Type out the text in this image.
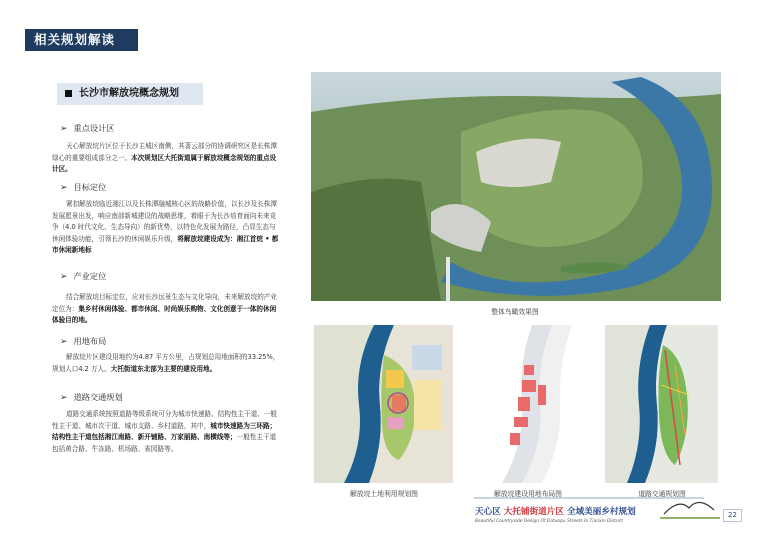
相关规划解读
长沙市解放垸概念规划
➢ 重点设计区
天心解放垸片区位于长沙主城区南侧，其著云部分的协调研究区是长株潭绿心的重要组成部分之一。本次规划区大托街道属于解放垸概念规划的重点设计区。
➢ 目标定位
紧扣解放垸临近湘江以及长株潭融城核心区的战略价值，以长沙及长株潭发展愿景出发，响应南部新城建设的战略思维，着眼于为长沙培育面向未来竞争（4.0 时代文化、生态导向）的新优势，以特色化发展为路径，凸显生态与休闲体验功能，引领长沙的休闲娱乐升级，将解放垸建设成为：湘江首烷 • 都市休闲新地标
➢ 产业定位
结合解放垸目标定位，应对长沙远景生态与文化导向，未来解放垸的产业定位为：集乡村休闲体验、都市休闲、时尚娱乐购物、文化创意于一体的休闲体验目的地。
➢ 用地布局
解放垸片区建设用地约为4.87 平方公里，占规划总用地面积的33.25%，规划人口4.2 万人。大托街道东北部为主要的建设用地。
➢ 道路交通规划
道路交通系统按照道路等级系统可分为城市快速路、结构性主干道、一般性主干道、城市次干道、城市支路、乡村道路，其中，城市快速路为三环路；结构性主干道包括湘江南路、新开铺路、万家丽路、南横线等；一般性主干道包括黄合路、牛冻路、机场路、雀园路等。
整体鸟瞰效果图
解放垸土地利用规划图	解放垸建设用地布局图	道路交通规划图
天心区 大托铺街道片区 全域美丽乡村规划
Beautiful Countryside Design Of Datuopu Streets In Tianxin District
22
